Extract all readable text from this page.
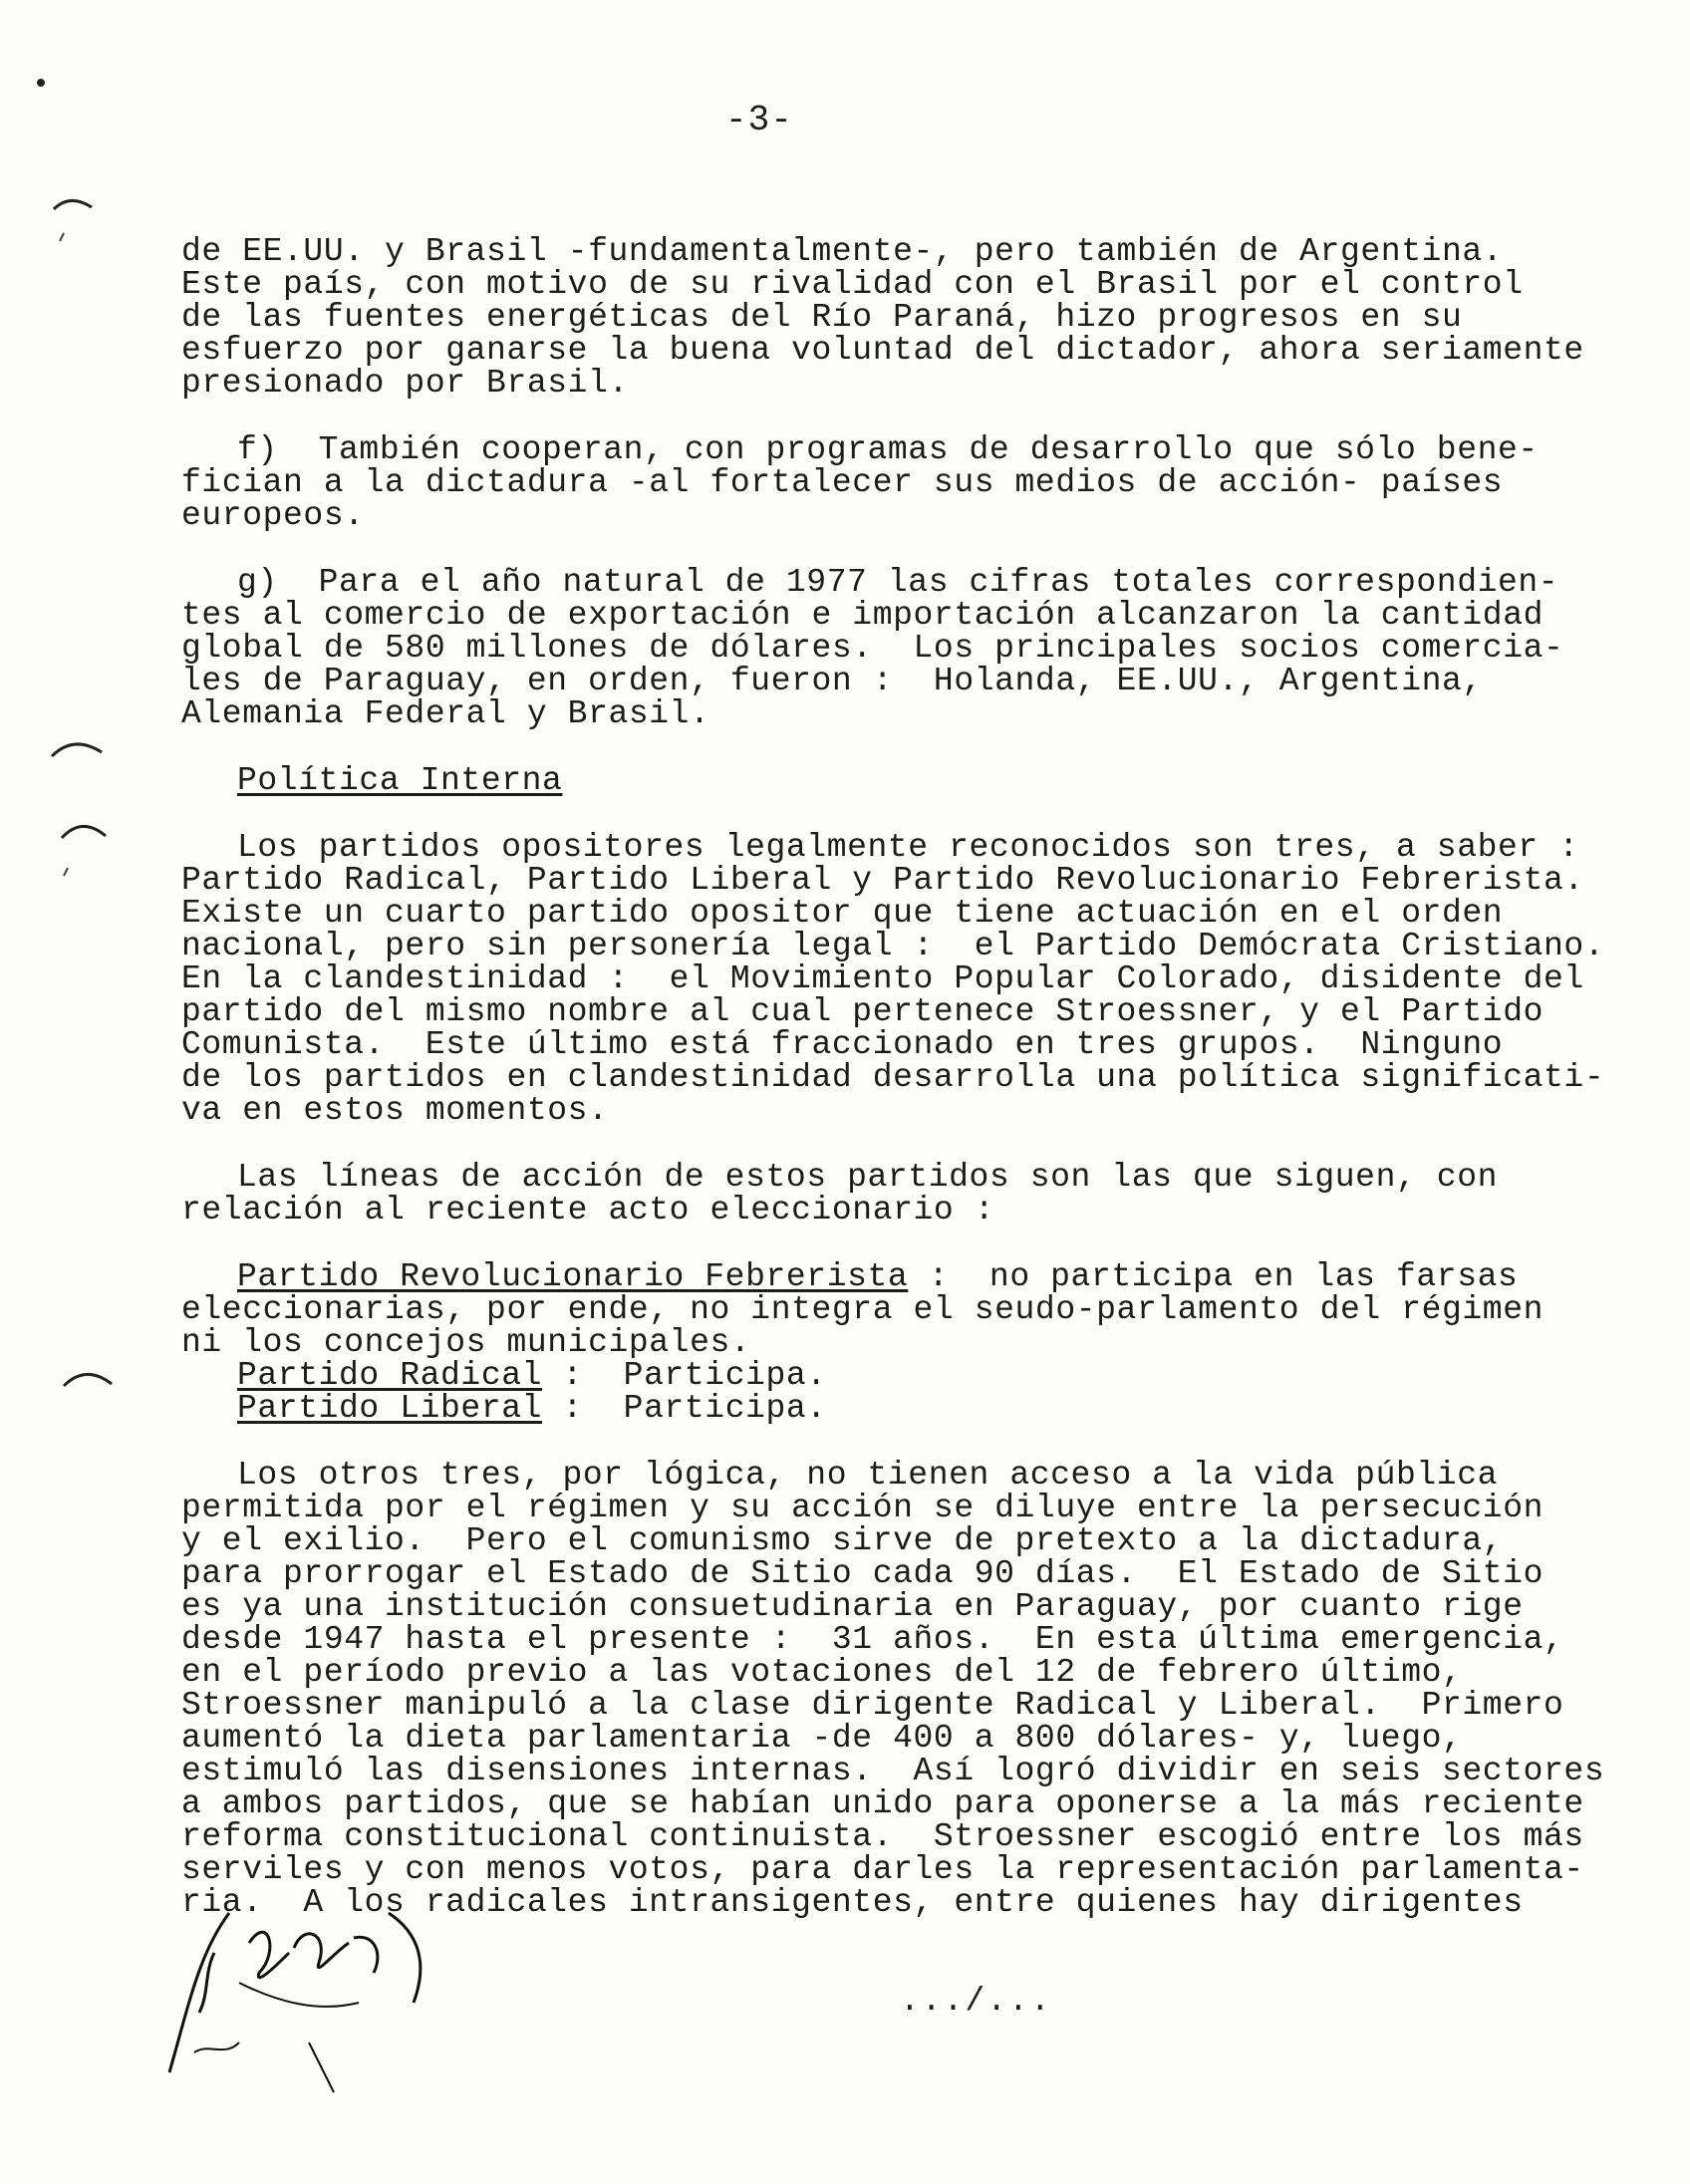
-3-
de EE.UU. y Brasil -fundamentalmente-, pero también de Argentina.
Este país, con motivo de su rivalidad con el Brasil por el control
de las fuentes energéticas del Río Paraná, hizo progresos en su
esfuerzo por ganarse la buena voluntad del dictador, ahora seriamente
presionado por Brasil.
f)  También cooperan, con programas de desarrollo que sólo bene-
fician a la dictadura -al fortalecer sus medios de acción- países
europeos.
g)  Para el año natural de 1977 las cifras totales correspondien-
tes al comercio de exportación e importación alcanzaron la cantidad
global de 580 millones de dólares.  Los principales socios comercia-
les de Paraguay, en orden, fueron :  Holanda, EE.UU., Argentina,
Alemania Federal y Brasil.
Política Interna
Los partidos opositores legalmente reconocidos son tres, a saber :
Partido Radical, Partido Liberal y Partido Revolucionario Febrerista.
Existe un cuarto partido opositor que tiene actuación en el orden
nacional, pero sin personería legal :  el Partido Demócrata Cristiano.
En la clandestinidad :  el Movimiento Popular Colorado, disidente del
partido del mismo nombre al cual pertenece Stroessner, y el Partido
Comunista.  Este último está fraccionado en tres grupos.  Ninguno
de los partidos en clandestinidad desarrolla una política significati-
va en estos momentos.
Las líneas de acción de estos partidos son las que siguen, con
relación al reciente acto eleccionario :
Partido Revolucionario Febrerista :  no participa en las farsas
eleccionarias, por ende, no integra el seudo-parlamento del régimen
ni los concejos municipales.
Partido Radical :  Participa.
Partido Liberal :  Participa.
Los otros tres, por lógica, no tienen acceso a la vida pública
permitida por el régimen y su acción se diluye entre la persecución
y el exilio.  Pero el comunismo sirve de pretexto a la dictadura,
para prorrogar el Estado de Sitio cada 90 días.  El Estado de Sitio
es ya una institución consuetudinaria en Paraguay, por cuanto rige
desde 1947 hasta el presente :  31 años.  En esta última emergencia,
en el período previo a las votaciones del 12 de febrero último,
Stroessner manipuló a la clase dirigente Radical y Liberal.  Primero
aumentó la dieta parlamentaria -de 400 a 800 dólares- y, luego,
estimuló las disensiones internas.  Así logró dividir en seis sectores
a ambos partidos, que se habían unido para oponerse a la más reciente
reforma constitucional continuista.  Stroessner escogió entre los más
serviles y con menos votos, para darles la representación parlamenta-
ria.  A los radicales intransigentes, entre quienes hay dirigentes
.../...
